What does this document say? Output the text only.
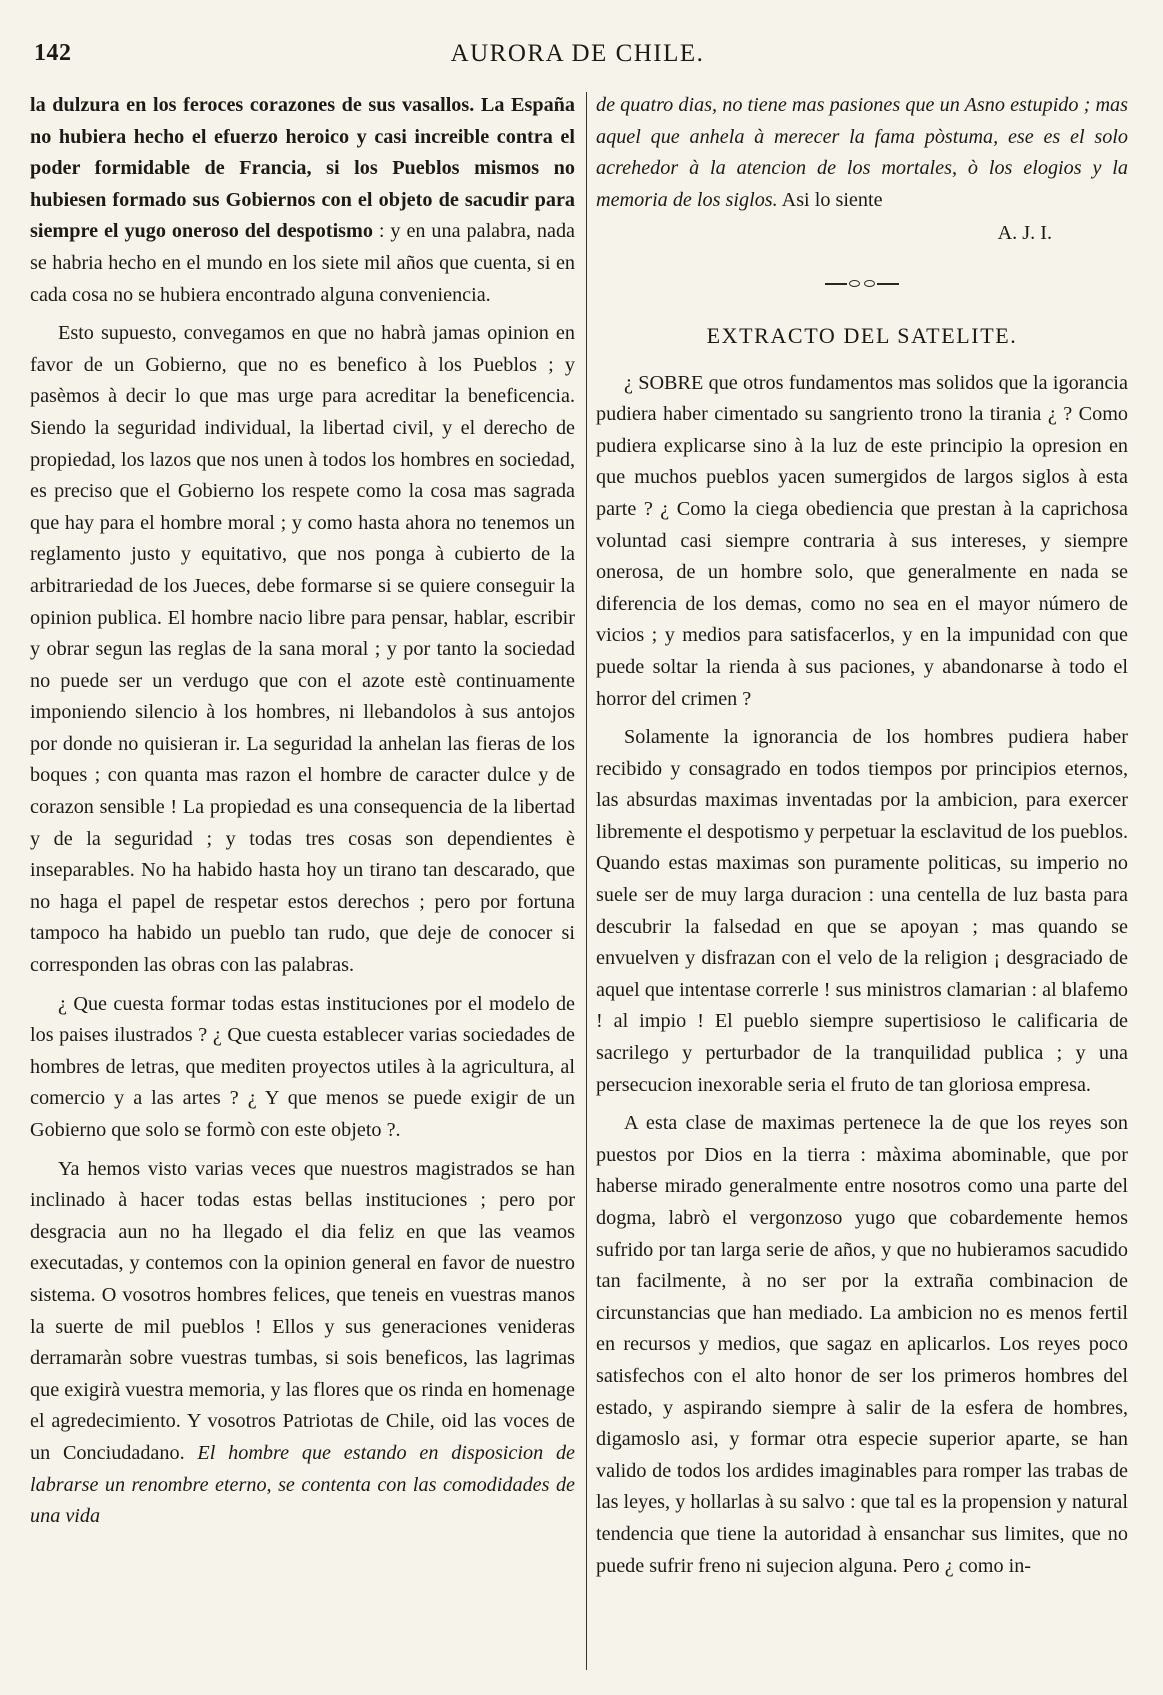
142	AURORA DE CHILE.

la dulzura en los feroces corazones de sus vasallos. La España no hubiera hecho el efuerzo heroico y casi increible contra el poder formidable de Francia, si los Pueblos mismos no hubiesen formado sus Gobiernos con el objeto de sacudir para siempre el yugo oneroso del despotismo : y en una palabra, nada se habria hecho en el mundo en los siete mil años que cuenta, si en cada cosa no se hubiera encontrado alguna conveniencia.

Esto supuesto, convegamos en que no habrà jamas opinion en favor de un Gobierno, que no es benefico à los Pueblos ; y pasèmos à decir lo que mas urge para acreditar la beneficencia. Siendo la seguridad individual, la libertad civil, y el derecho de propiedad, los lazos que nos unen à todos los hombres en sociedad, es preciso que el Gobierno los respete como la cosa mas sagrada que hay para el hombre moral ; y como hasta ahora no tenemos un reglamento justo y equitativo, que nos ponga à cubierto de la arbitrariedad de los Jueces, debe formarse si se quiere conseguir la opinion publica. El hombre nacio libre para pensar, hablar, escribir y obrar segun las reglas de la sana moral ; y por tanto la sociedad no puede ser un verdugo que con el azote estè continuamente imponiendo silencio à los hombres, ni llebandolos à sus antojos por donde no quisieran ir. La seguridad la anhelan las fieras de los boques ; con quanta mas razon el hombre de caracter dulce y de corazon sensible ! La propiedad es una consequencia de la libertad y de la seguridad ; y todas tres cosas son dependientes è inseparables. No ha habido hasta hoy un tirano tan descarado, que no haga el papel de respetar estos derechos ; pero por fortuna tampoco ha habido un pueblo tan rudo, que deje de conocer si corresponden las obras con las palabras.

¿ Que cuesta formar todas estas instituciones por el modelo de los paises ilustrados ? ¿ Que cuesta establecer varias sociedades de hombres de letras, que mediten proyectos utiles à la agricultura, al comercio y a las artes ? ¿ Y que menos se puede exigir de un Gobierno que solo se formò con este objeto ?.

Ya hemos visto varias veces que nuestros magistrados se han inclinado à hacer todas estas bellas instituciones ; pero por desgracia aun no ha llegado el dia feliz en que las veamos executadas, y contemos con la opinion general en favor de nuestro sistema. O vosotros hombres felices, que teneis en vuestras manos la suerte de mil pueblos ! Ellos y sus generaciones venideras derramaràn sobre vuestras tumbas, si sois beneficos, las lagrimas que exigirà vuestra memoria, y las flores que os rinda en homenage el agredecimiento. Y vosotros Patriotas de Chile, oid las voces de un Conciudadano. El hombre que estando en disposicion de labrarse un renombre eterno, se contenta con las comodidades de una vida

de quatro dias, no tiene mas pasiones que un Asno estupido ; mas aquel que anhela à merecer la fama pòstuma, ese es el solo acrehedor à la atencion de los mortales, ò los elogios y la memoria de los siglos. Asi lo siente

A. J. I.

EXTRACTO DEL SATELITE.

¿ SOBRE que otros fundamentos mas solidos que la igorancia pudiera haber cimentado su sangriento trono la tirania ¿ ? Como pudiera explicarse sino à la luz de este principio la opresion en que muchos pueblos yacen sumergidos de largos siglos à esta parte ? ¿ Como la ciega obediencia que prestan à la caprichosa voluntad casi siempre contraria à sus intereses, y siempre onerosa, de un hombre solo, que generalmente en nada se diferencia de los demas, como no sea en el mayor número de vicios ; y medios para satisfacerlos, y en la impunidad con que puede soltar la rienda à sus paciones, y abandonarse à todo el horror del crimen ?

Solamente la ignorancia de los hombres pudiera haber recibido y consagrado en todos tiempos por principios eternos, las absurdas maximas inventadas por la ambicion, para exercer libremente el despotismo y perpetuar la esclavitud de los pueblos. Quando estas maximas son puramente politicas, su imperio no suele ser de muy larga duracion : una centella de luz basta para descubrir la falsedad en que se apoyan ; mas quando se envuelven y disfrazan con el velo de la religion ¡ desgraciado de aquel que intentase correrle ! sus ministros clamarian : al blafemo ! al impio ! El pueblo siempre supertisioso le calificaria de sacrilego y perturbador de la tranquilidad publica ; y una persecucion inexorable seria el fruto de tan gloriosa empresa.

A esta clase de maximas pertenece la de que los reyes son puestos por Dios en la tierra : màxima abominable, que por haberse mirado generalmente entre nosotros como una parte del dogma, labrò el vergonzoso yugo que cobardemente hemos sufrido por tan larga serie de años, y que no hubieramos sacudido tan facilmente, à no ser por la extraña combinacion de circunstancias que han mediado. La ambicion no es menos fertil en recursos y medios, que sagaz en aplicarlos. Los reyes poco satisfechos con el alto honor de ser los primeros hombres del estado, y aspirando siempre à salir de la esfera de hombres, digamoslo asi, y formar otra especie superior aparte, se han valido de todos los ardides imaginables para romper las trabas de las leyes, y hollarlas à su salvo : que tal es la propension y natural tendencia que tiene la autoridad à ensanchar sus limites, que no puede sufrir freno ni sujecion alguna. Pero ¿ como in-
